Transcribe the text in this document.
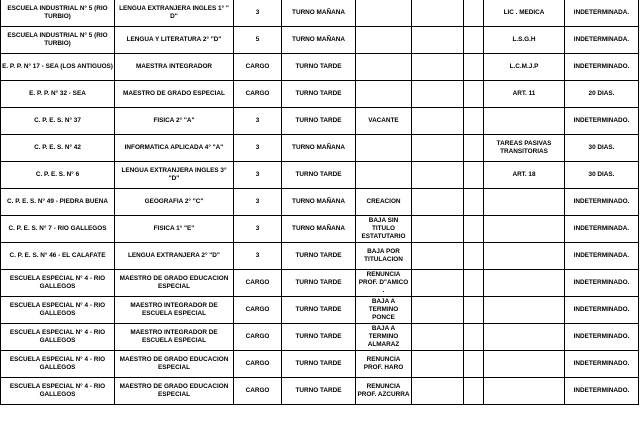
ESCUELA INDUSTRIAL N° 5 (RIO TURBIO)	LENGUA EXTRANJERA INGLES 1° " D"	3	TURNO MAÑANA				LIC . MEDICA	INDETERMINADA.
ESCUELA INDUSTRIAL N° 5 (RIO TURBIO)	LENGUA Y LITERATURA 2° "D"	5	TURNO MAÑANA				L.S.G.H	INDETERMINADA.
E. P. P. N° 17 - SEA (LOS ANTIGUOS)	MAESTRA INTEGRADOR	CARGO	TURNO TARDE				L.C.M.J.P	INDETERMINADO.
E. P. P. N° 32 - SEA	MAESTRO DE GRADO ESPECIAL	CARGO	TURNO TARDE				ART. 11	20 DIAS.
C. P. E. S. N° 37	FISICA 2° "A"	3	TURNO TARDE	VACANTE				INDETERMINADO.
C. P. E. S. N° 42	INFORMATICA APLICADA 4° "A"	3	TURNO MAÑANA				TAREAS PASIVAS TRANSITORIAS	30 DIAS.
C. P. E. S. N° 6	LENGUA EXTRANJERA INGLES 3° "D"	3	TURNO TARDE				ART. 18	30 DIAS.
C. P. E. S. N° 49 - PIEDRA BUENA	GEOGRAFIA 2° "C"	3	TURNO MAÑANA	CREACION				INDETERMINADO.
C. P. E. S. N° 7 - RIO GALLEGOS	FISICA 1° "E"	3	TURNO MAÑANA	BAJA SIN TITULO ESTATUTARIO				INDETERMINADA.
C. P. E. S. N° 46 - EL CALAFATE	LENGUA EXTRANJERA 2° "D"	3	TURNO TARDE	BAJA POR TITULACION				INDETERMINADA.
ESCUELA ESPECIAL N° 4 - RIO GALLEGOS	MAESTRO DE GRADO EDUCACION ESPECIAL	CARGO	TURNO TARDE	RENUNCIA PROF. D"AMICO .				INDETERMINADO.
ESCUELA ESPECIAL N° 4 - RIO GALLEGOS	MAESTRO INTEGRADOR DE ESCUELA ESPECIAL	CARGO	TURNO TARDE	BAJA A TERMINO PONCE				INDETERMINADO.
ESCUELA ESPECIAL N° 4 - RIO GALLEGOS	MAESTRO INTEGRADOR DE ESCUELA ESPECIAL	CARGO	TURNO TARDE	BAJA A TERMINO ALMARAZ				INDETERMINADO.
ESCUELA ESPECIAL N° 4 - RIO GALLEGOS	MAESTRO DE GRADO EDUCACION ESPECIAL	CARGO	TURNO TARDE	RENUNCIA PROF. HARO				INDETERMINADO.
ESCUELA ESPECIAL N° 4 - RIO GALLEGOS	MAESTRO DE GRADO EDUCACION ESPECIAL	CARGO	TURNO TARDE	RENUNCIA PROF. AZCURRA				INDETERMINADO.
